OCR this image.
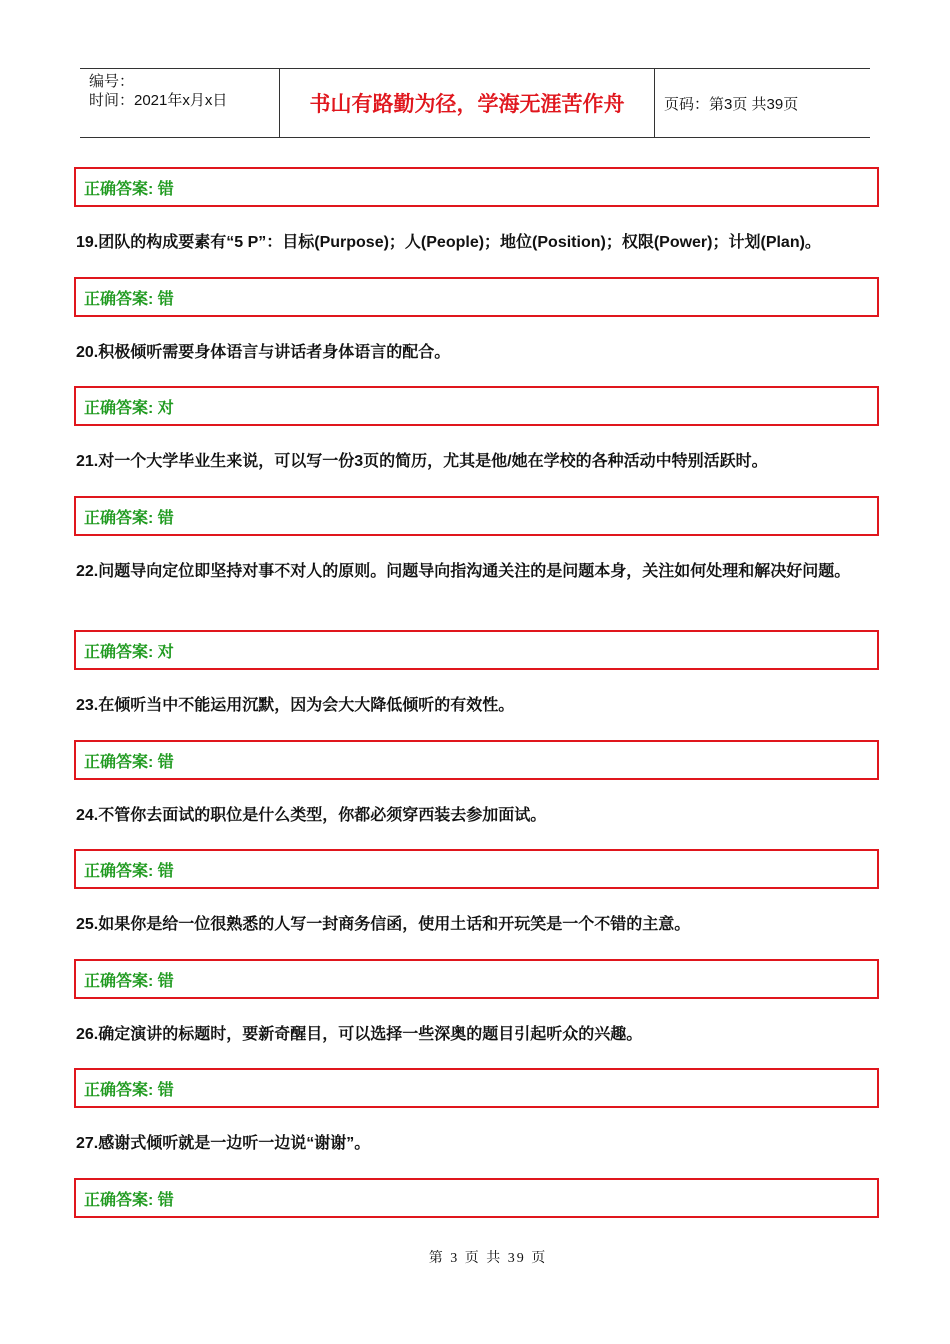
编号：
时间：2021年x月x日	书山有路勤为径，学海无涯苦作舟	页码：第3页 共39页
正确答案: 错
19.团队的构成要素有“5 P”：目标(Purpose)；人(People)；地位(Position)；权限(Power)；计划(Plan)。
正确答案: 错
20.积极倾听需要身体语言与讲话者身体语言的配合。
正确答案: 对
21.对一个大学毕业生来说，可以写一份3页的简历，尤其是他/她在学校的各种活动中特别活跃时。
正确答案: 错
22.问题导向定位即坚持对事不对人的原则。问题导向指沟通关注的是问题本身，关注如何处理和解决好问题。
正确答案: 对
23.在倾听当中不能运用沉默，因为会大大降低倾听的有效性。
正确答案: 错
24.不管你去面试的职位是什么类型，你都必须穿西装去参加面试。
正确答案: 错
25.如果你是给一位很熟悉的人写一封商务信函，使用土话和开玩笑是一个不错的主意。
正确答案: 错
26.确定演讲的标题时，要新奇醒目，可以选择一些深奥的题目引起听众的兴趣。
正确答案: 错
27.感谢式倾听就是一边听一边说“谢谢”。
正确答案: 错
第 3 页 共 39 页
